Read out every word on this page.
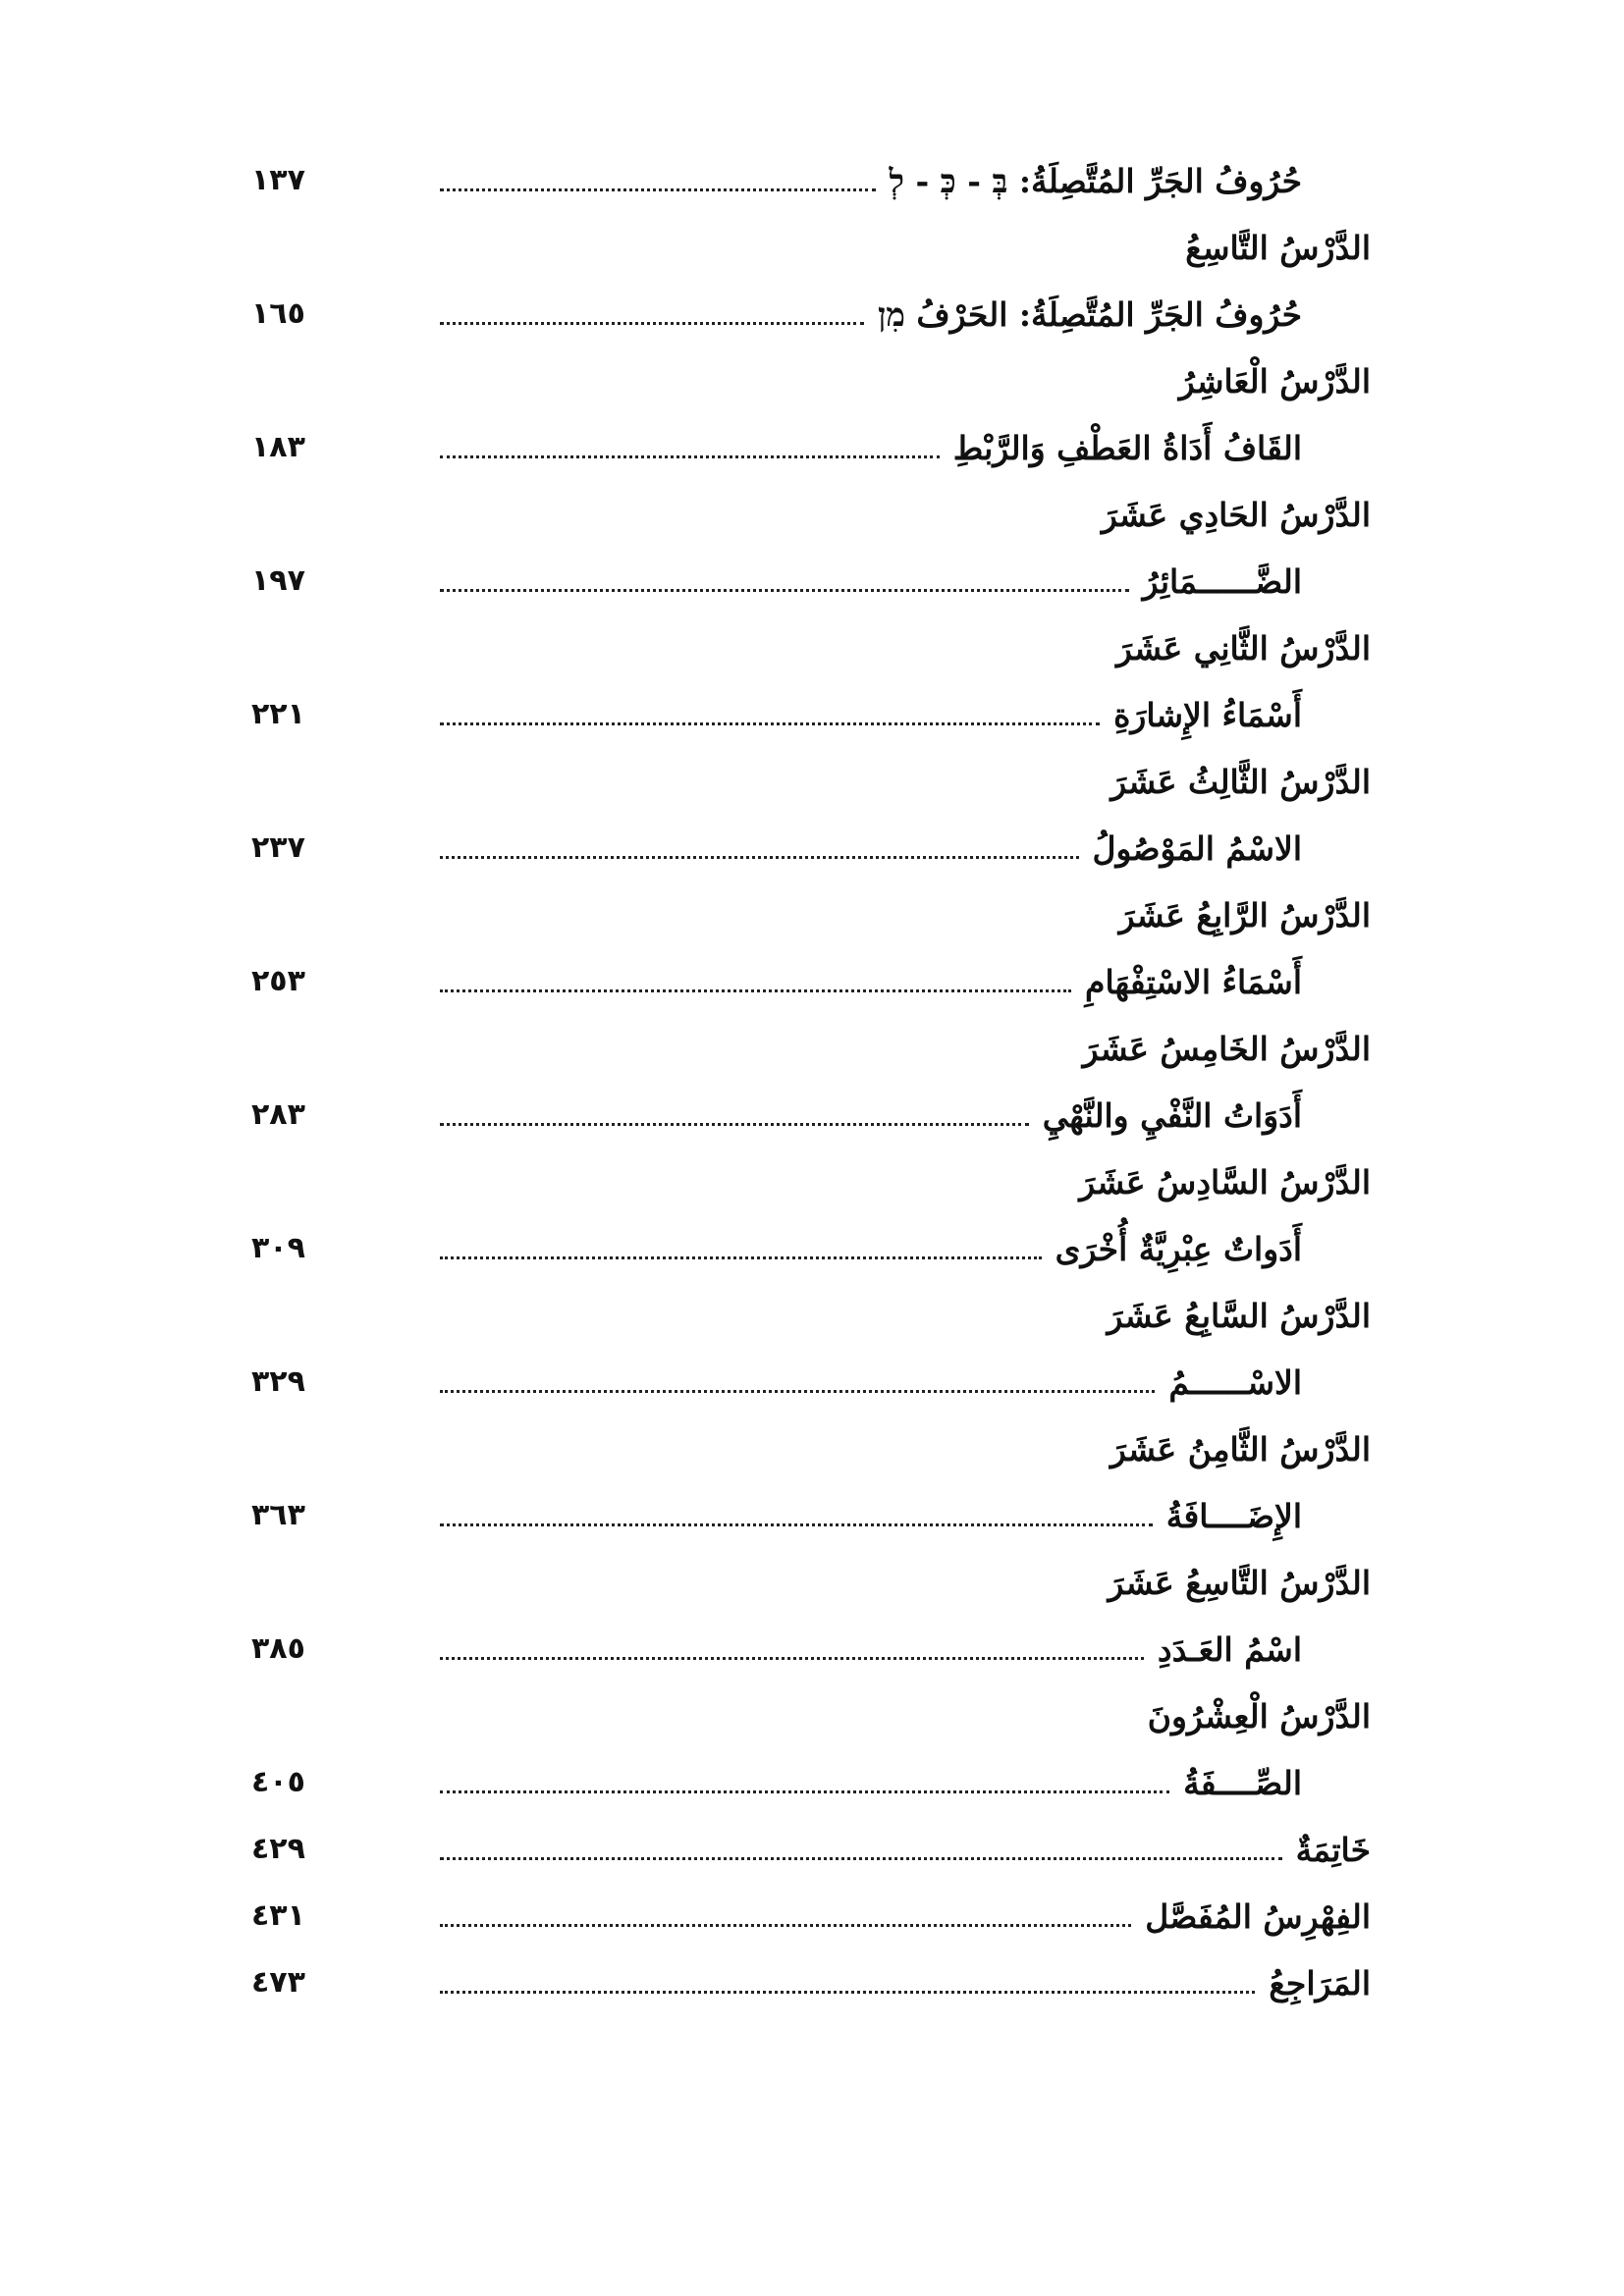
حُرُوفُ الجَرِّ المُتَّصِلَةُ: בְּ - כְּ - לְ
١٣٧
الدَّرْسُ التَّاسِعُ
حُرُوفُ الجَرِّ المُتَّصِلَةُ: الحَرْفُ מִן
١٦٥
الدَّرْسُ الْعَاشِرُ
القَافُ أَدَاةُ العَطْفِ وَالرَّبْطِ
١٨٣
الدَّرْسُ الحَادِي عَشَرَ
الضَّــــــمَائِرُ
١٩٧
الدَّرْسُ الثَّانِي عَشَرَ
أَسْمَاءُ الإِشارَةِ
٢٢١
الدَّرْسُ الثَّالِثُ عَشَرَ
الاسْمُ المَوْصُولُ
٢٣٧
الدَّرْسُ الرَّابِعُ عَشَرَ
أَسْمَاءُ الاسْتِفْهَامِ
٢٥٣
الدَّرْسُ الخَامِسُ عَشَرَ
أَدَوَاتُ النَّفْيِ والنَّهْيِ
٢٨٣
الدَّرْسُ السَّادِسُ عَشَرَ
أَدَواتٌ عِبْرِيَّةٌ أُخْرَى
٣٠٩
الدَّرْسُ السَّابِعُ عَشَرَ
الاسْــــــمُ
٣٢٩
الدَّرْسُ الثَّامِنُ عَشَرَ
الإِضَــــافَةُ
٣٦٣
الدَّرْسُ التَّاسِعُ عَشَرَ
اسْمُ العَـدَدِ
٣٨٥
الدَّرْسُ الْعِشْرُونَ
الصِّــــفَةُ
٤٠٥
خَاتِمَةٌ
٤٢٩
الفِهْرِسُ المُفَصَّل
٤٣١
المَرَاجِعُ
٤٧٣
